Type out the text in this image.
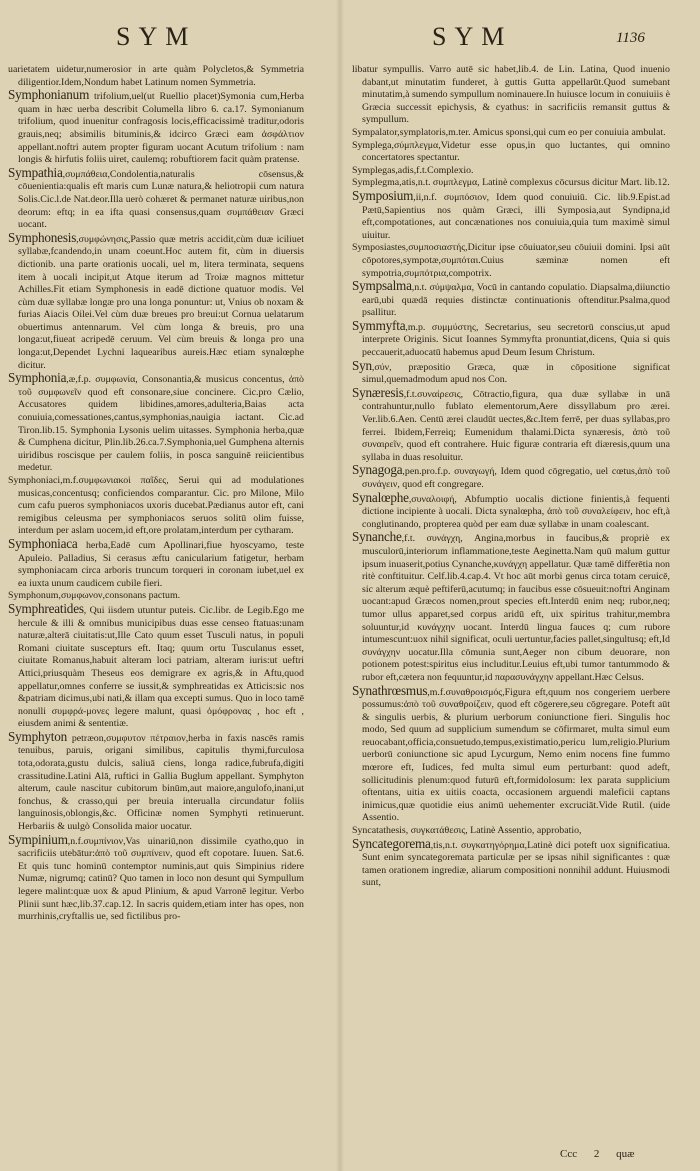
SYM	SYM	1136

uarietatem uidetur,numerosior in arte quàm Polycletos,& Symmetria diligentior.Idem,Nondum habet Latinum nomen Symmetria.

Symphonianum trifolium,uel(ut Ruellio placet)Symonia cum,Herba quam in hæc uerba describit Columella libro 6. ca.17. Symonianum trifolium, quod inuenitur confragosis locis,efficacissimè traditur,odoris grauis,neq; absimilis bituminis,& idcirco Græci eam ἀσφάλτιον appellant.noftri autem propter figuram uocant Acutum trifolium : nam longis & hirfutis foliis uiret, caulemq; robuftiorem facit quàm pratense.

Sympathia,συμπάθεια,Condolentia,naturalis cōsensus,& cōuenientia:qualis eft maris cum Lunæ natura,& heliotropii cum natura Solis.Cic.l.de Nat.deor.Illa uerò cohæret & permanet naturæ uiribus,non deorum: eftq; in ea ifta quasi consensus,quam συμπάθειαν Græci uocant.

Symphonesis,συμφώνησις,Passio quæ metris accidit,cùm duæ iciliuet syllabæ,fcandendo,in unam coeunt.Hoc autem fit, cùm in diuersis dictionib. una parte orationis uocali, uel m, litera terminata, sequens item à uocali incipit,ut Atque iterum ad Troiæ magnos mittetur Achilles.Fit etiam Symphonesis in eadē dictione quatuor modis. Vel cùm duæ syllabæ longæ pro una longa ponuntur: ut, Vnius ob noxam & furias Aiacis Oilei.Vel cùm duæ breues pro breui:ut Cornua uelatarum obuertimus antennarum. Vel cùm longa & breuis, pro una longa:ut,fiueat acripedē ceruum. Vel cùm breuis & longa pro una longa:ut,Dependet Lychni laquearibus aureis.Hæc etiam synalœphe dicitur.

Symphonia,æ,f.p. συμφωνία, Consonantia,& musicus concentus, ἀπὸ τοῦ συμφωνεῖν quod eft consonare,siue concinere. Cic.pro Cælio, Accusatores quidem libidines,amores,adulteria,Baias acta conuiuia,comessationes,cantus,symphonias,nauigia iactant. Cic.ad Tiron.lib.15. Symphonia Lysonis uelim uitasses. Symphonia herba,quæ & Cumphena dicitur, Plin.lib.26.ca.7.Symphonia,uel Gumphena alternis uiridibus roscisque per caulem foliis, in posca sanguinē reiicientibus medetur.

Symphoniaci,m.f.συμφωνιακοὶ παῖδες, Serui qui ad modulationes musicas,concentusq; conficiendos comparantur. Cic. pro Milone, Milo cum cafu pueros symphoniacos uxoris ducebat.Pædianus autor eft, cani remigibus celeusma per symphoniacos seruos solitū olim fuisse, interdum per aslam uocem,id eft,ore prolatam,interdum per cytharam.

Symphoniaca herba,Eadē cum Apollinari,fiue hyoscyamo, teste Apuleio. Palladius, Si cerasus æftu canicularium fatigetur, herbam symphoniacam circa arboris truncum torqueri in coronam iubet,uel ex ea iuxta unum caudicem cubile fieri.

Symphonum,συμφωνον,consonans pactum.

Symphreatides, Qui iisdem utuntur puteis. Cic.libr. de Legib.Ego me hercule & illi & omnibus municipibus duas esse censeo ftatuas:unam naturæ,alterā ciuitatis:ut,Ille Cato quum esset Tusculi natus, in populi Romani ciuitate suscepturs eft. Itaq; quum ortu Tusculanus esset, ciuitate Romanus,habuit alteram loci patriam, alteram iuris:ut ueftri Attici,priusquàm Theseus eos demigrare ex agris,& in Aftu,quod appellatur,omnes conferre se iussit,& symphreatidas ex Atticis:sic nos &patriam dicimus,ubi nati,& illam qua excepti sumus. Quo in loco tamē nonulli συμφρά-μονες legere malunt, quasi ὁμόφρονας , hoc eft , eiusdem animi & sententiæ.

Symphyton petræon,συμφυτον πέτραιον,herba in faxis nascēs ramis tenuibus, paruis, origani similibus, capitulis thymi,furculosa tota,odorata,gustu dulcis, saliuā ciens, longa radice,fubrufa,digiti crassitudine.Latini Alā, ruftici in Gallia Buglum appellant. Symphyton alterum, caule nascitur cubitorum binūm,aut maiore,angulofo,inani,ut fonchus, & crasso,qui per breuia interualla circundatur foliis languinosis,oblongis,&c. Officinæ nomen Symphyti retinuerunt. Herbariis & uulgò Consolida maior uocatur.

Sympinium,n.f.συμπίνιον,Vas uinariū,non dissimile cyatho,quo in sacrificiis utebātur:ἀπὸ τοῦ συμπίνειν, quod eft copotare. Iuuen. Sat.6. Et quis tunc hominū contemptor numinis,aut quis Simpinius ridere Numæ, nigrumq; catinū? Quo tamen in loco non desunt qui Sympullum legere malint:quæ uox & apud Plinium, & apud Varronē legitur. Verbo Plinii sunt hæc,lib.37.cap.12. In sacris quidem,etiam inter has opes, non murrhinis,cryftallis ue, sed fictilibus pro-

libatur sympullis. Varro autē sic habet,lib.4. de Lin. Latina, Quod inuenio dabant,ut minutatim funderet, à guttis Gutta appellarūt.Quod sumebant minutatim,à sumendo sympullum nominauere.In huiusce locum in conuiuiis è Græcia successit epichysis, & cyathus: in sacrificiis remansit guttus & sympullum.

Sympalator,symplatoris,m.ter. Amicus sponsi,qui cum eo per conuiuia ambulat.

Symplega,σύμπλεγμα,Videtur esse opus,in quo luctantes, qui omnino concertatores spectantur.

Symplegas,adis,f.t.Complexio.

Symplegma,atis,n.t. συμπλεγμα, Latinè complexus cōcursus dicitur Mart. lib.12.

Symposium,ii,n.f. συμπόσιον, Idem quod conuiuiū. Cic. lib.9.Epist.ad Pætū,Sapientius nos quàm Græci, illi Symposia,aut Syndipna,id eft,compotationes, aut concænationes nos conuiuia,quia tum maximè simul uiuitur.

Symposiastes,συμποσιαστής,Dicitur ipse cōuiuator,seu cōuiuii domini. Ipsi aūt cōpotores,sympotæ,συμπόται.Cuius sæminæ nomen eft sympotria,συμπότρια,compotrix.

Sympsalma,n.t. σύμψαλμα, Vocū in cantando copulatio. Diapsalma,diiunctio earū,ubi quædā requies distinctæ continuationis oftenditur.Psalma,quod psallitur.

Symmyfta,m.p. συμμύστης, Secretarius, seu secretorū conscius,ut apud interprete Originis. Sicut Ioannes Symmyfta pronuntiat,dicens, Quia si quis peccauerit,aduocatū habemus apud Deum Iesum Christum.

Syn,σύν, præpositio Græca, quæ in cōpositione significat simul,quemadmodum apud nos Con.

Synæresis,f.t.συναίρεσις, Cōtractio,figura, qua duæ syllabæ in unā contrahuntur,nullo fublato elementorum,Aere dissyllabum pro ærei. Ver.lib.6.Aen. Centū ærei claudūt uectes,&c.Item ferrē, per duas syllabas,pro ferrei. Ibidem,Ferreiq; Eumenidum thalami.Dicta synæresis, ἀπὸ τοῦ συναιρεῖν, quod eft contrahere. Huic figuræ contraria eft diæresis,quum una syllaba in duas resoluitur.

Synagoga,pen.pro.f.p. συναγωγή, Idem quod cōgregatio, uel cœtus,ἀπὸ τοῦ συνάγειν, quod eft congregare.

Synalœphe,συναλοιφή, Abfumptio uocalis dictione finientis,à fequenti dictione incipiente à uocali. Dicta synalœpha, ἀπὸ τοῦ συναλείφειν, hoc eft,à conglutinando, propterea quòd per eam duæ syllabæ in unam coalescant.

Synanche,f.t. συνάγχη, Angina,morbus in faucibus,& propriè ex musculorū,interiorum inflammatione,teste Aeginetta.Nam quū malum guttur ipsum inuaserit,potius Cynanche,κυνάγχη appellatur. Quæ tamē differētia non ritè conftituitur. Celf.lib.4.cap.4. Vt hoc aūt morbi genus circa totam ceruicē, sic alterum æquè peftiferū,acutumq; in faucibus esse cōsueuit:noftri Anginam uocant:apud Græcos nomen,prout species eft.Interdū enim neq; rubor,neq; tumor ullus apparet,sed corpus aridū eft, uix spiritus trahitur,membra soluuntur,id κυνάγχην uocant. Interdū lingua fauces q; cum rubore intumescunt:uox nihil significat, oculi uertuntur,facies pallet,singultusq; eft,Id συνάγχην uocatur.Illa cōmunia sunt,Aeger non cibum deuorare, non potionem potest:spiritus eius includitur.Leuius eft,ubi tumor tantummodo & rubor eft,cætera non fequuntur,id παρασυνάγχην appellant.Hæc Celsus.

Synathrœsmus,m.f.συναθροισμός,Figura eft,quum nos congeriem uerbere possumus:ἀπὸ τοῦ συναθροίζειν, quod eft cōgerere,seu cōgregare. Poteft aūt & singulis uerbis, & plurium uerborum coniunctione fieri. Singulis hoc modo, Sed quum ad supplicium sumendum se cōfirmaret, multa simul eum reuocabant,officia,consuetudo,tempus,existimatio,pericu lum,religio.Plurium uerborū coniunctione sic apud Lycurgum, Nemo enim nocens fine fummo mœrore eft, Iudices, fed multa simul eum perturbant: quod adeft, sollicitudinis plenum:quod futurū eft,formidolosum: lex parata supplicium oftentans, uitia ex uitiis coacta, occasionem arguendi maleficii captans inimicus,quæ quotidie eius animū uehementer excruciāt.Vide Rutil. (uide Assentio.

Syncatathesis, συγκατάθεσις, Latinè Assentio, approbatio,

Syncategorema,tis,n.t. συγκατηγόρημα,Latinè dici poteft uox significatiua. Sunt enim syncategoremata particulæ per se ipsas nihil significantes : quæ tamen orationem ingrediæ, aliarum compositioni nonnihil addunt. Huiusmodi sunt,

Ccc 2 quæ
